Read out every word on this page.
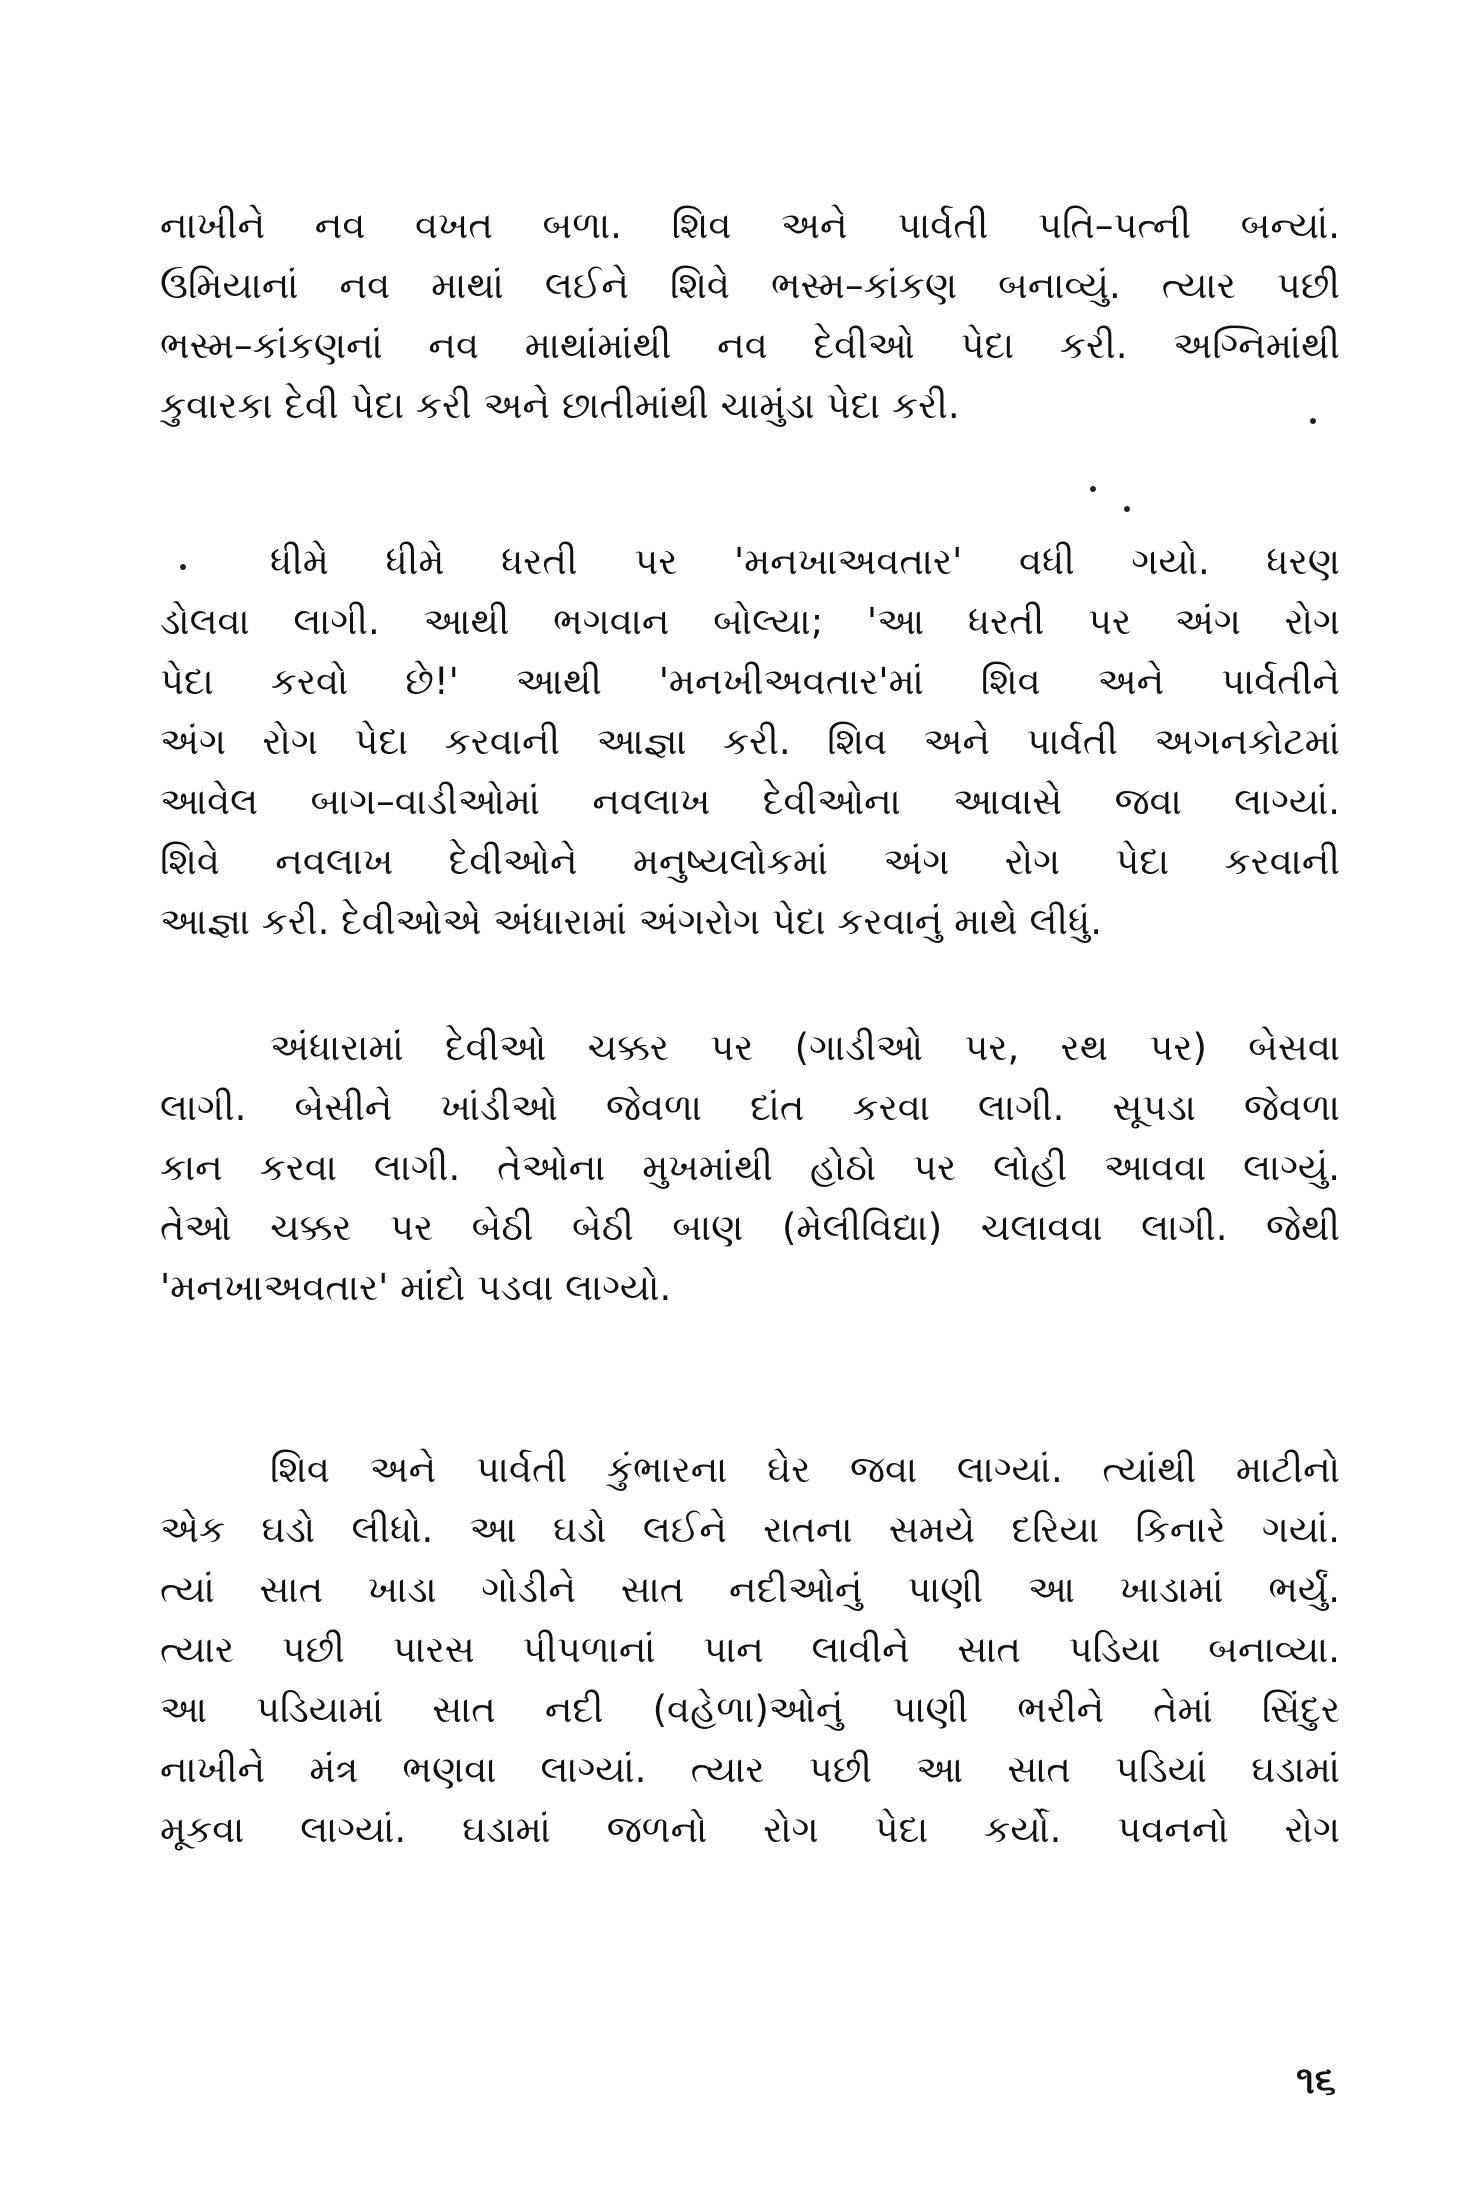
નાખીને નવ વખત બળા. શિવ અને પાર્વતી પતિ–પત્ની બન્યાં.
ઉમિયાનાં નવ માથાં લઈને શિવે ભસ્મ–કાંકણ બનાવ્યું. ત્યાર પછી
ભસ્મ–કાંકણનાં નવ માથાંમાંથી નવ દેવીઓ પેદા કરી. અગ્નિમાંથી
કુવારકા દેવી પેદા કરી અને છાતીમાંથી ચામુંડા પેદા કરી.
ધીમે ધીમે ધરતી પર 'મનખાઅવતાર' વધી ગયો. ધરણ
ડોલવા લાગી. આથી ભગવાન બોલ્યા; 'આ ધરતી પર અંગ રોગ
પેદા કરવો છે!' આથી 'મનખીઅવતાર'માં શિવ અને પાર્વતીને
અંગ રોગ પેદા કરવાની આજ્ઞા કરી. શિવ અને પાર્વતી અગનકોટમાં
આવેલ બાગ–વાડીઓમાં નવલાખ દેવીઓના આવાસે જવા લાગ્યાં.
શિવે નવલાખ દેવીઓને મનુષ્યલોકમાં અંગ રોગ પેદા કરવાની
આજ્ઞા કરી. દેવીઓએ અંધારામાં અંગરોગ પેદા કરવાનું માથે લીધું.
અંધારામાં દેવીઓ ચક્કર પર (ગાડીઓ પર, રથ પર) બેસવા
લાગી. બેસીને ખાંડીઓ જેવળા દાંત કરવા લાગી. સૂપડા જેવળા
કાન કરવા લાગી. તેઓના મુખમાંથી હોઠો પર લોહી આવવા લાગ્યું.
તેઓ ચક્કર પર બેઠી બેઠી બાણ (મેલીવિદ્યા) ચલાવવા લાગી. જેથી
'મનખાઅવતાર' માંદો પડવા લાગ્યો.
શિવ અને પાર્વતી કુંભારના ઘેર જવા લાગ્યાં. ત્યાંથી માટીનો
એક ઘડો લીધો. આ ઘડો લઈને રાતના સમયે દરિયા કિનારે ગયાં.
ત્યાં સાત ખાડા ગોડીને સાત નદીઓનું પાણી આ ખાડામાં ભર્યું.
ત્યાર પછી પારસ પીપળાનાં પાન લાવીને સાત પડિયા બનાવ્યા.
આ પડિયામાં સાત નદી (વહેળા)ઓનું પાણી ભરીને તેમાં સિંદુર
નાખીને મંત્ર ભણવા લાગ્યાં. ત્યાર પછી આ સાત પડિયાં ઘડામાં
મૂકવા લાગ્યાં. ઘડામાં જળનો રોગ પેદા કર્યો. પવનનો રોગ
૧૬
